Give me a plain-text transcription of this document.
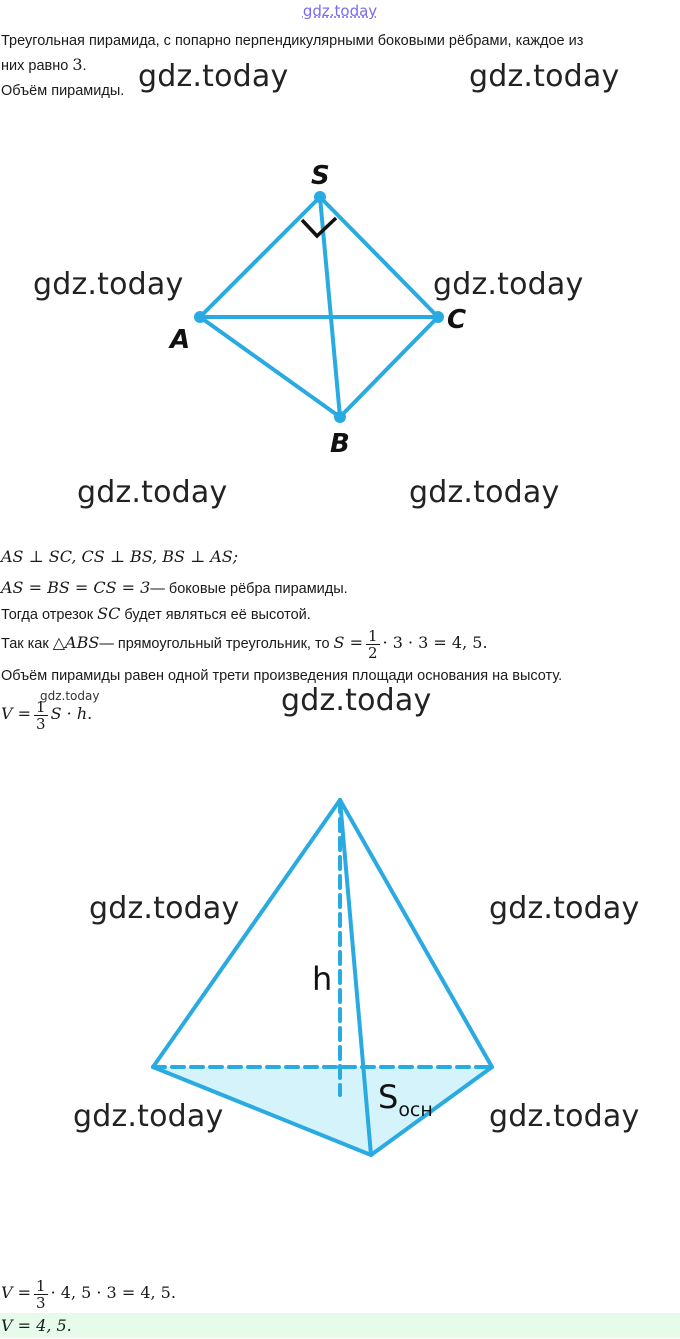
gdz.today
Треугольная пирамида, с попарно перпендикулярными боковыми рёбрами, каждое из
них равно 3.
Объём пирамиды.
S
A
C
B
AS ⊥ SC, CS ⊥ BS, BS ⊥ AS;
AS = BS = CS = 3— боковые рёбра пирамиды.
Тогда отрезок SC будет являться её высотой.
Так как △ABS— прямоугольный треугольник, то $S = \frac{1}{2} \cdot 3 \cdot 3 = 4$, 5.
Объём пирамиды равен одной трети произведения площади основания на высоту.
$V = \frac{1}{3}$ S · h.
gdz.today
h
$S_{осн}$
gdz.today	gdz.today
gdz.today	gdz.today
gdz.today	gdz.today
gdz.today
gdz.today	gdz.today
gdz.today	gdz.today
$V = \frac{1}{3} \cdot 4$, 5 · 3 = 4, 5.
V = 4, 5.
